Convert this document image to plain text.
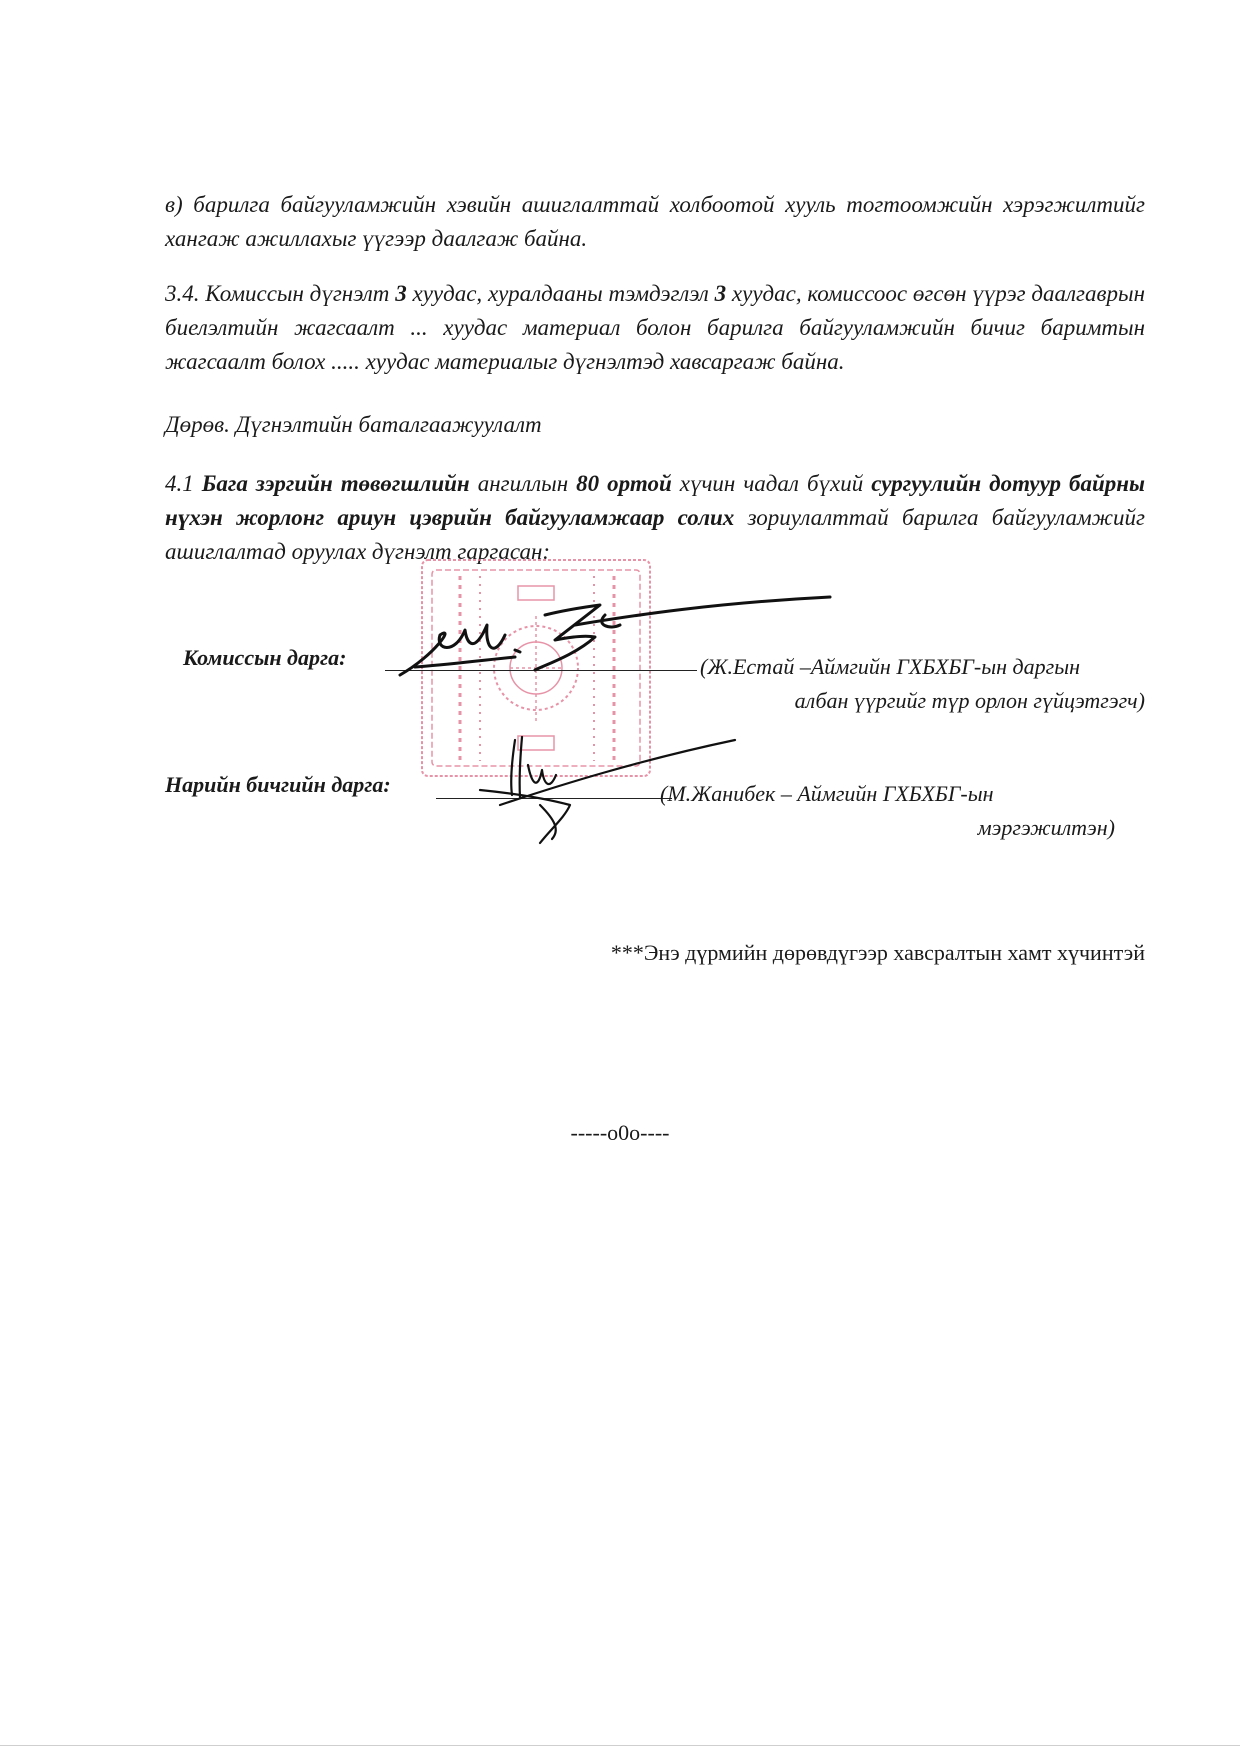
в) барилга байгууламжийн хэвийн ашиглалттай холбоотой хууль тогтоомжийн хэрэгжилтийг хангаж ажиллахыг үүгээр даалгаж байна.

3.4. Комиссын дүгнэлт 3 хуудас, хуралдааны тэмдэглэл 3 хуудас, комиссоос өгсөн үүрэг даалгаврын биелэлтийн жагсаалт ... хуудас материал болон барилга байгууламжийн бичиг баримтын жагсаалт болох ..... хуудас материалыг дүгнэлтэд хавсаргаж байна.

Дөрөв. Дүгнэлтийн баталгаажуулалт

4.1 Бага зэргийн төвөгшлийн ангиллын 80 ортой хүчин чадал бүхий сургуулийн дотуур байрны нүхэн жорлонг ариун цэврийн байгууламжаар солих зориулалттай барилга байгууламжийг ашиглалтад оруулах дүгнэлт гаргасан:

Комиссын дарга:	(Ж.Естай –Аймгийн ГХБХБГ-ын даргын
албан үүргийг түр орлон гүйцэтгэгч)
Нарийн бичгийн дарга:	(М.Жанибек – Аймгийн ГХБХБГ-ын
мэргэжилтэн)
***Энэ дүрмийн дөрөвдүгээр хавсралтын хамт хүчинтэй
-----o0o----
